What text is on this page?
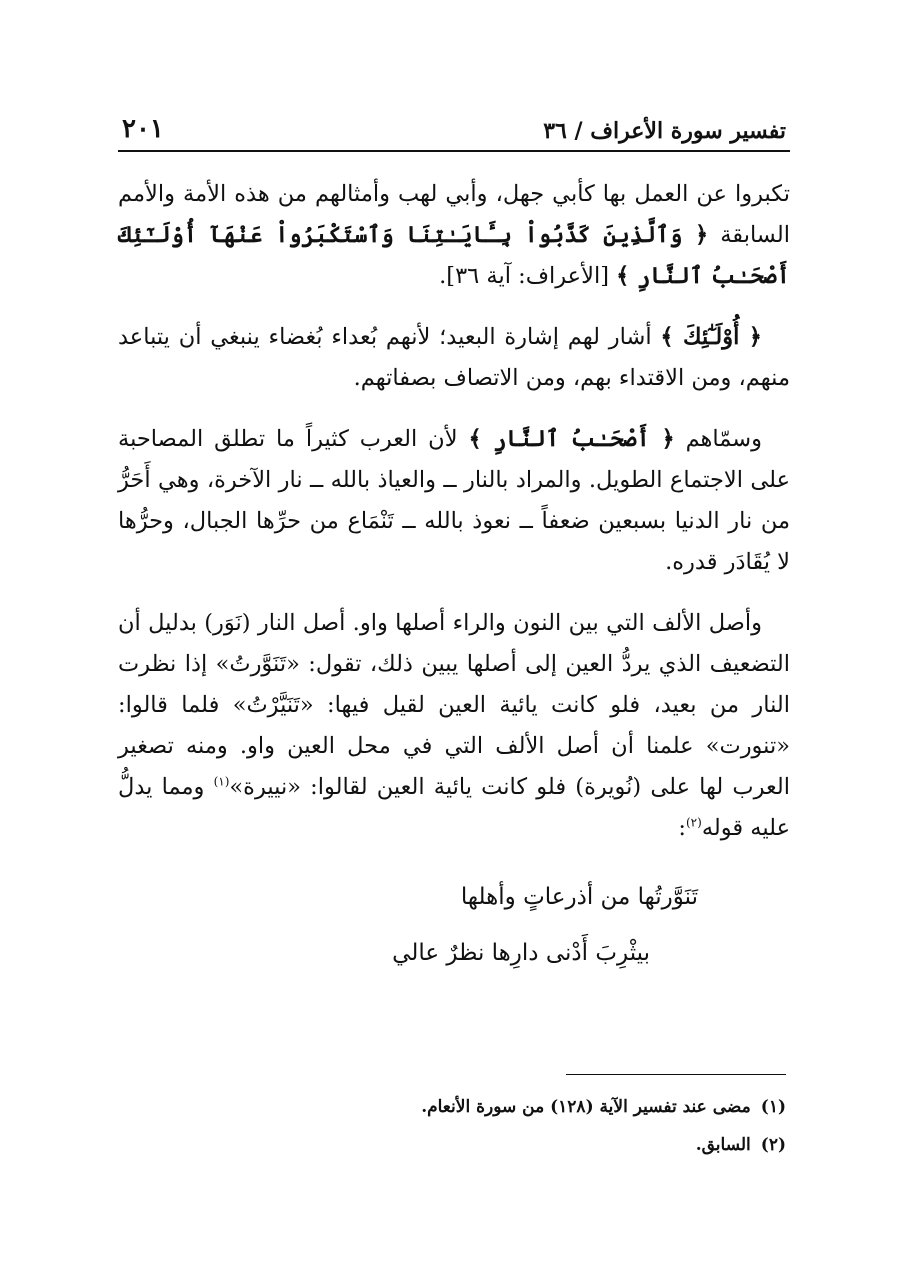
تفسير سورة الأعراف / ٣٦
٢٠١

تكبروا عن العمل بها كأبي جهل، وأبي لهب وأمثالهم من هذه الأمة والأمم السابقة ﴿ وَٱلَّذِينَ كَذَّبُواْ بِـَٔايَـٰتِنَا وَٱسْتَكْبَرُواْ عَنْهَآ أُوْلَـٰٓئِكَ أَصْحَـٰبُ ٱلنَّارِ ﴾ [الأعراف: آية ٣٦].

﴿ أُوْلَـٰٓئِكَ ﴾ أشار لهم إشارة البعيد؛ لأنهم بُعداء بُغضاء ينبغي أن يتباعد منهم، ومن الاقتداء بهم، ومن الاتصاف بصفاتهم.

وسمّاهم ﴿ أَصْحَـٰبُ ٱلنَّارِ ﴾ لأن العرب كثيراً ما تطلق المصاحبة على الاجتماع الطويل. والمراد بالنار ــ والعياذ بالله ــ نار الآخرة، وهي أَحَرُّ من نار الدنيا بسبعين ضعفاً ــ نعوذ بالله ــ تَنْمَاع من حرِّها الجبال، وحرُّها لا يُقَادَر قدره.

وأصل الألف التي بين النون والراء أصلها واو. أصل النار (نَوَر) بدليل أن التضعيف الذي يردُّ العين إلى أصلها يبين ذلك، تقول: «تَنَوَّرتُ» إذا نظرت النار من بعيد، فلو كانت يائية العين لقيل فيها: «تَنَيَّرْتُ» فلما قالوا: «تنورت» علمنا أن أصل الألف التي في محل العين واو. ومنه تصغير العرب لها على (نُويرة) فلو كانت يائية العين لقالوا: «نييرة»$^{(١)}$ ومما يدلُّ عليه قوله$^{(٢)}$:

تَنَوَّرتُها من أذرعاتٍ وأهلها
بيثْرِبَ أَدْنى دارِها نظرٌ عالي
(١)مضى عند تفسير الآية (١٢٨) من سورة الأنعام.
(٢)السابق.
